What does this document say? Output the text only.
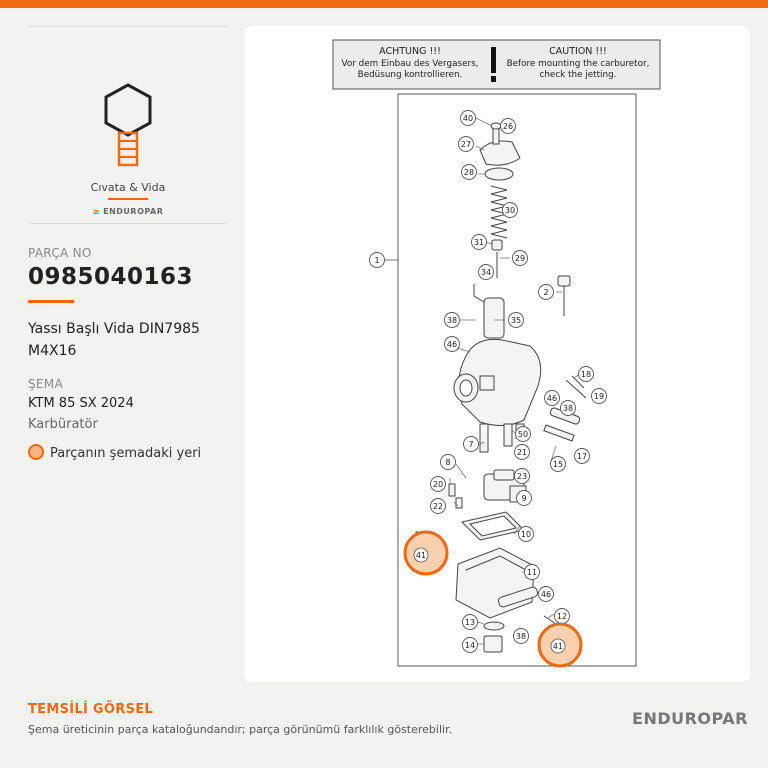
Cıvata & Vida
≥ ENDUROPAR
PARÇA NO
0985040163
Yassı Başlı Vida DIN7985 M4X16
ŞEMA
KTM 85 SX 2024
Karbüratör
Parçanın şemadaki yeri
ACHTUNG !!!
Vor dem Einbau des Vergasers,
Bedüsung kontrollieren.
CAUTION !!!
Before mounting the carburetor,
check the jetting.
40
26
27
28
30
31
29
34
1
2
38	35
46
18
19
46
38
50
7
21
15
17
8
23
20
9
22
10
11
46
13
12
38
14
41
41
TEMSİLİ GÖRSEL
Şema üreticinin parça kataloğundandır; parça görünümü farklılık gösterebilir.
ENDUROPAR
